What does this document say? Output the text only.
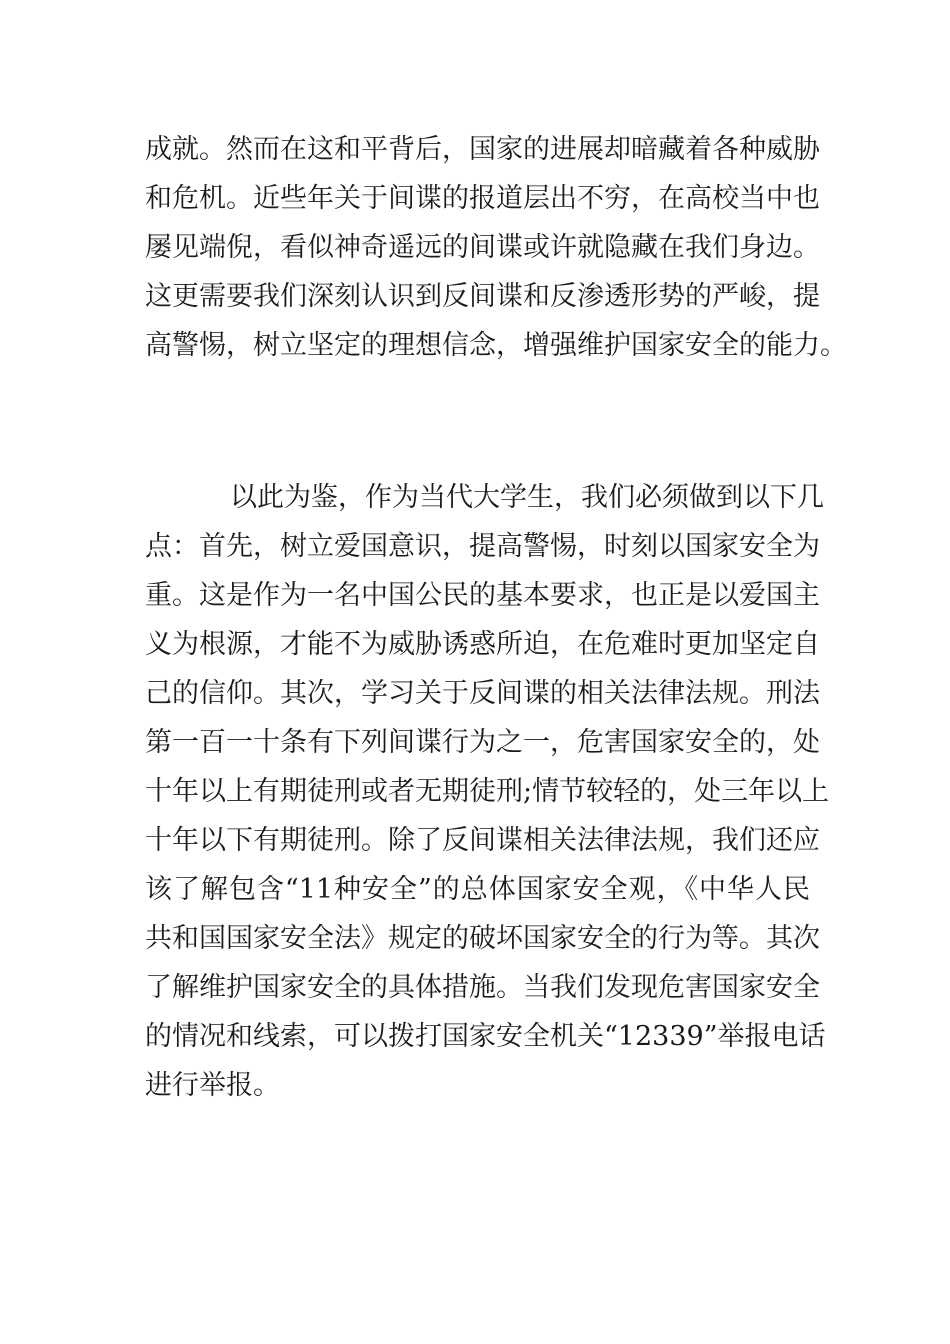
成就。然而在这和平背后，国家的进展却暗藏着各种威胁
和危机。近些年关于间谍的报道层出不穷，在高校当中也
屡见端倪，看似神奇遥远的间谍或许就隐藏在我们身边。
这更需要我们深刻认识到反间谍和反渗透形势的严峻，提
高警惕，树立坚定的理想信念，增强维护国家安全的能力。
以此为鉴，作为当代大学生，我们必须做到以下几
点：首先，树立爱国意识，提高警惕，时刻以国家安全为
重。这是作为一名中国公民的基本要求，也正是以爱国主
义为根源，才能不为威胁诱惑所迫，在危难时更加坚定自
己的信仰。其次，学习关于反间谍的相关法律法规。刑法
第一百一十条有下列间谍行为之一，危害国家安全的，处
十年以上有期徒刑或者无期徒刑;情节较轻的，处三年以上
十年以下有期徒刑。除了反间谍相关法律法规，我们还应
该了解包含“11种安全”的总体国家安全观，《中华人民
共和国国家安全法》规定的破坏国家安全的行为等。其次
了解维护国家安全的具体措施。当我们发现危害国家安全
的情况和线索，可以拨打国家安全机关“12339”举报电话
进行举报。
